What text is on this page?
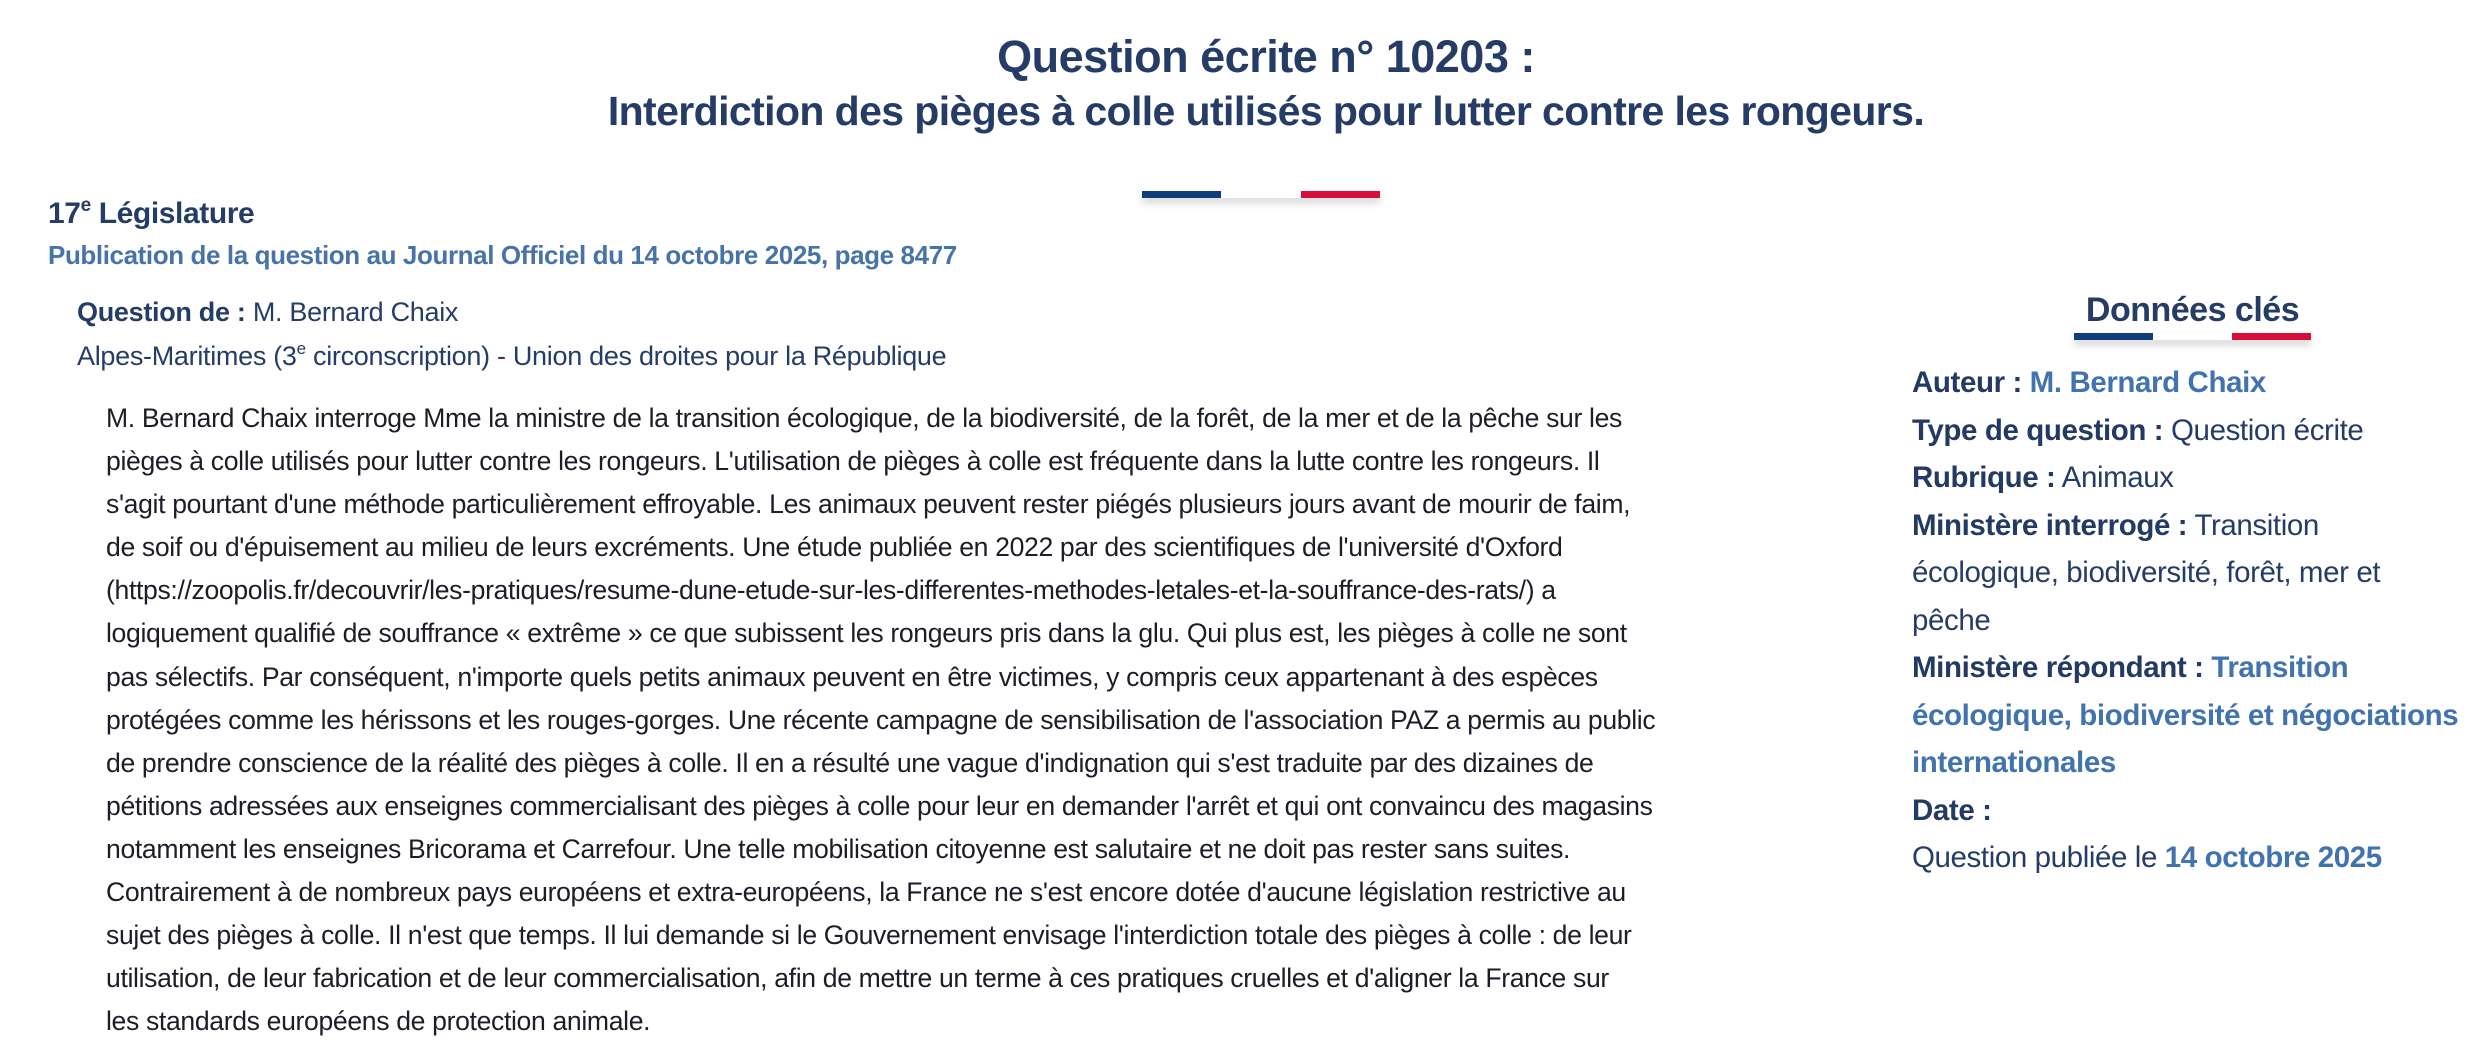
Question écrite n° 10203 :
Interdiction des pièges à colle utilisés pour lutter contre les rongeurs.
17e Législature
Publication de la question au Journal Officiel du 14 octobre 2025, page 8477
Question de : M. Bernard Chaix
Alpes-Maritimes (3e circonscription) - Union des droites pour la République

M. Bernard Chaix interroge Mme la ministre de la transition écologique, de la biodiversité, de la forêt, de la mer et de la pêche sur les
pièges à colle utilisés pour lutter contre les rongeurs. L'utilisation de pièges à colle est fréquente dans la lutte contre les rongeurs. Il
s'agit pourtant d'une méthode particulièrement effroyable. Les animaux peuvent rester piégés plusieurs jours avant de mourir de faim,
de soif ou d'épuisement au milieu de leurs excréments. Une étude publiée en 2022 par des scientifiques de l'université d'Oxford
(https://zoopolis.fr/decouvrir/les-pratiques/resume-dune-etude-sur-les-differentes-methodes-letales-et-la-souffrance-des-rats/) a
logiquement qualifié de souffrance « extrême » ce que subissent les rongeurs pris dans la glu. Qui plus est, les pièges à colle ne sont
pas sélectifs. Par conséquent, n'importe quels petits animaux peuvent en être victimes, y compris ceux appartenant à des espèces
protégées comme les hérissons et les rouges-gorges. Une récente campagne de sensibilisation de l'association PAZ a permis au public
de prendre conscience de la réalité des pièges à colle. Il en a résulté une vague d'indignation qui s'est traduite par des dizaines de
pétitions adressées aux enseignes commercialisant des pièges à colle pour leur en demander l'arrêt et qui ont convaincu des magasins
notamment les enseignes Bricorama et Carrefour. Une telle mobilisation citoyenne est salutaire et ne doit pas rester sans suites.
Contrairement à de nombreux pays européens et extra-européens, la France ne s'est encore dotée d'aucune législation restrictive au
sujet des pièges à colle. Il n'est que temps. Il lui demande si le Gouvernement envisage l'interdiction totale des pièges à colle : de leur
utilisation, de leur fabrication et de leur commercialisation, afin de mettre un terme à ces pratiques cruelles et d'aligner la France sur
les standards européens de protection animale.

Données clés
Auteur : M. Bernard Chaix
Type de question : Question écrite
Rubrique : Animaux
Ministère interrogé : Transition
écologique, biodiversité, forêt, mer et
pêche
Ministère répondant : Transition
écologique, biodiversité et négociations
internationales
Date :
Question publiée le 14 octobre 2025
